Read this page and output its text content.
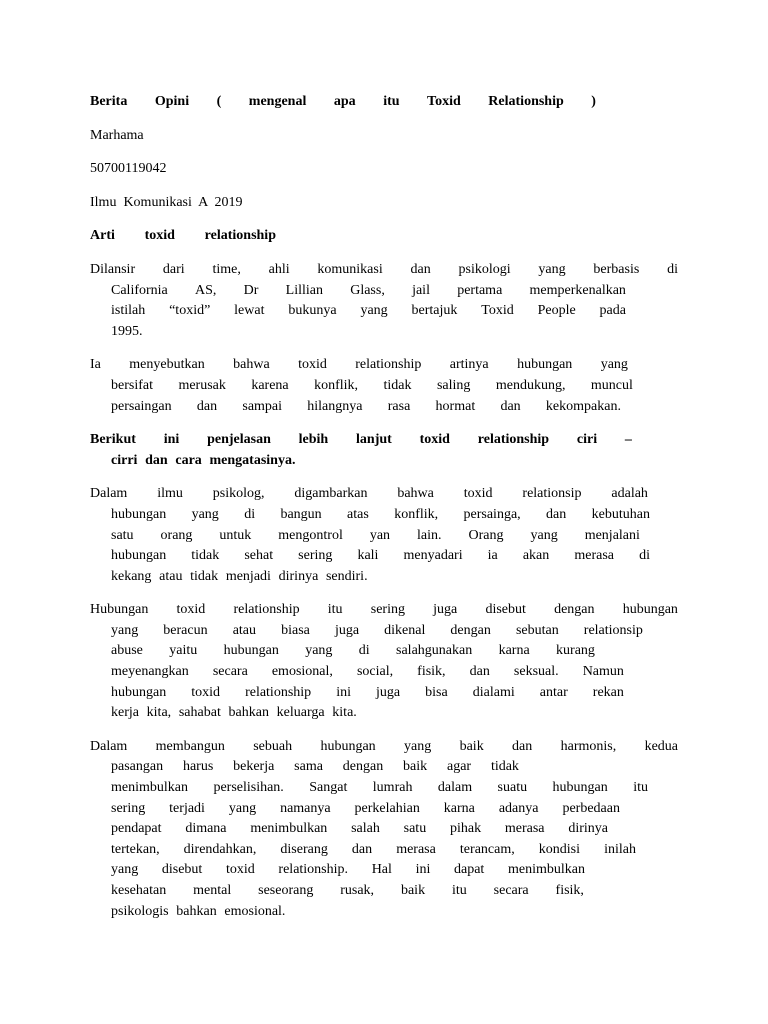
Berita Opini ( mengenal apa itu Toxid Relationship )
Marhama
50700119042
Ilmu  Komunikasi  A  2019
Arti toxid relationship
Dilansir dari time, ahli komunikasi dan psikologi yang berbasis di
California AS, Dr Lillian Glass, jail pertama memperkenalkan
istilah “toxid” lewat bukunya yang bertajuk Toxid People pada
1995.
Ia menyebutkan bahwa toxid relationship artinya hubungan yang
bersifat merusak karena konflik, tidak saling mendukung, muncul
persaingan dan sampai hilangnya rasa hormat dan kekompakan.
Berikut ini penjelasan lebih lanjut toxid relationship ciri –
cirri dan cara mengatasinya.
Dalam ilmu psikolog, digambarkan bahwa toxid relationsip adalah
hubungan yang di bangun atas konflik, persainga, dan kebutuhan
satu orang untuk mengontrol yan lain. Orang yang menjalani
hubungan tidak sehat sering kali menyadari ia akan merasa di
kekang atau tidak menjadi dirinya sendiri.
Hubungan toxid relationship itu sering juga disebut dengan hubungan
yang beracun atau biasa juga dikenal dengan sebutan relationsip
abuse yaitu hubungan yang di salahgunakan karna kurang
meyenangkan secara emosional, social, fisik, dan seksual. Namun
hubungan toxid relationship ini juga bisa dialami antar rekan
kerja kita, sahabat bahkan keluarga kita.
Dalam membangun sebuah hubungan yang baik dan harmonis, kedua
pasangan harus bekerja sama dengan baik agar tidak
menimbulkan perselisihan. Sangat lumrah dalam suatu hubungan itu
sering terjadi yang namanya perkelahian karna adanya perbedaan
pendapat dimana menimbulkan salah satu pihak merasa dirinya
tertekan, direndahkan, diserang dan merasa terancam, kondisi inilah
yang disebut toxid relationship. Hal ini dapat menimbulkan
kesehatan mental seseorang rusak, baik itu secara fisik,
psikologis bahkan emosional.
